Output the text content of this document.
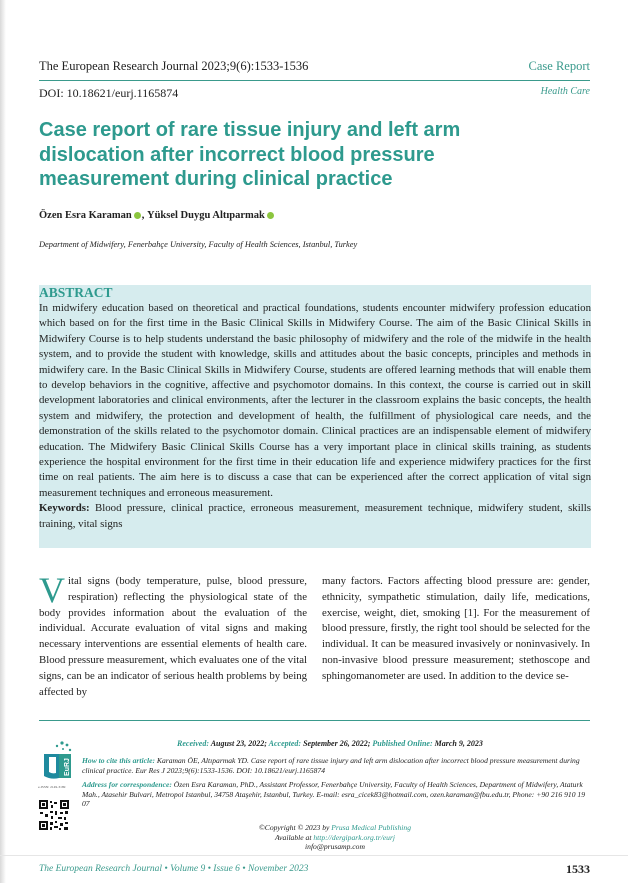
The European Research Journal 2023;9(6):1533-1536	Case Report
DOI: 10.18621/eurj.1165874	Health Care
Case report of rare tissue injury and left arm dislocation after incorrect blood pressure measurement during clinical practice
Özen Esra Karaman , Yüksel Duygu Altıparmak
Department of Midwifery, Fenerbahçe University, Faculty of Health Sciences, Istanbul, Turkey
ABSTRACT
In midwifery education based on theoretical and practical foundations, students encounter midwifery profession education which based on for the first time in the Basic Clinical Skills in Midwifery Course. The aim of the Basic Clinical Skills in Midwifery Course is to help students understand the basic philosophy of midwifery and the role of the midwife in the health system, and to provide the student with knowledge, skills and attitudes about the basic concepts, principles and methods in midwifery care. In the Basic Clinical Skills in Midwifery Course, students are offered learning methods that will enable them to develop behaviors in the cognitive, affective and psychomotor domains. In this context, the course is carried out in skill development laboratories and clinical environments, after the lecturer in the classroom explains the basic concepts, the health system and midwifery, the protection and development of health, the fulfillment of physiological care needs, and the demonstration of the skills related to the psychomotor domain. Clinical practices are an indispensable element of midwifery education. The Midwifery Basic Clinical Skills Course has a very important place in clinical skills training, as students experience the hospital environment for the first time in their education life and experience midwifery practices for the first time on real patients. The aim here is to discuss a case that can be experienced after the correct application of vital sign measurement techniques and erroneous measurement.
Keywords: Blood pressure, clinical practice, erroneous measurement, measurement technique, midwifery student, skills training, vital signs
Vital signs (body temperature, pulse, blood pressure, respiration) reflecting the physiological state of the body provides information about the evaluation of the individual. Accurate evaluation of vital signs and making necessary interventions are essential elements of health care. Blood pressure measurement, which evaluates one of the vital signs, can be an indicator of serious health problems by being affected by
many factors. Factors affecting blood pressure are: gender, ethnicity, sympathetic stimulation, daily life, medications, exercise, weight, diet, smoking [1]. For the measurement of blood pressure, firstly, the right tool should be selected for the individual. It can be measured invasively or noninvasively. In non-invasive blood pressure measurement; stethoscope and sphingomanometer are used. In addition to the device se-
EuRJ
e-ISSN: 2149-3189
Received: August 23, 2022; Accepted: September 26, 2022; Published Online: March 9, 2023
How to cite this article: Karaman ÖE, Altıparmak YD. Case report of rare tissue injury and left arm dislocation after incorrect blood pressure measurement during clinical practice. Eur Res J 2023;9(6):1533-1536. DOI: 10.18621/eurj.1165874
Address for correspondence: Özen Esra Karaman, PhD., Assistant Professor, Fenerbahçe University, Faculty of Health Sciences, Department of Midwifery, Ataturk Mah., Atasehir Bulvari, Metropol Istanbul, 34758 Ataşehir, Istanbul, Turkey. E-mail: esra_cicek83@hotmail.com, ozen.karaman@fbu.edu.tr, Phone: +90 216 910 19 07
©Copyright © 2023 by Prusa Medical Publishing
Available at http://dergipark.org.tr/eurj
info@prusamp.com
The European Research Journal • Volume 9 • Issue 6 • November 2023	1533
